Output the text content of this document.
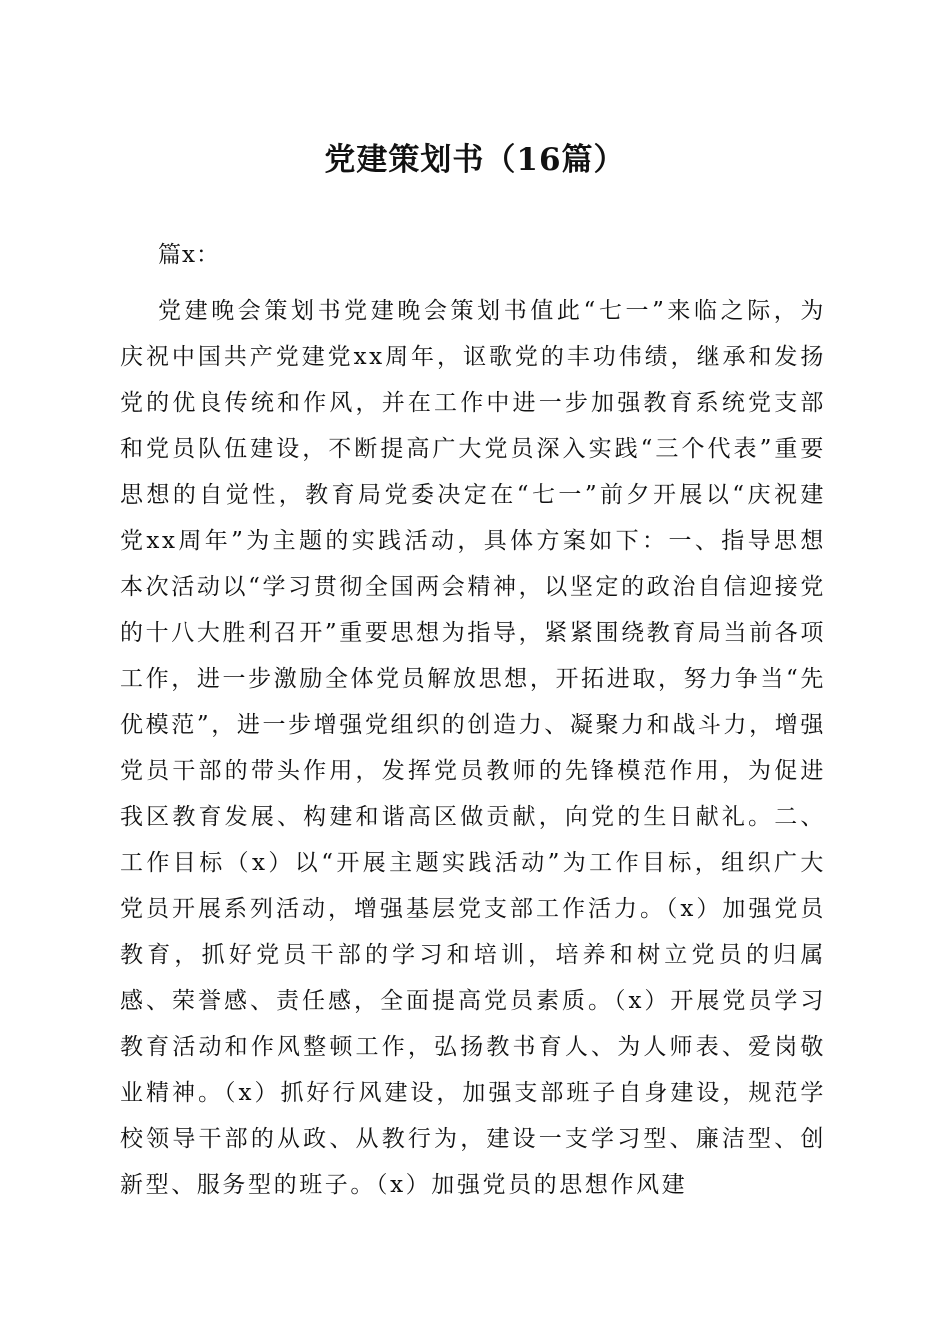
党建策划书（16篇）

篇x：

党建晚会策划书党建晚会策划书值此“七一”来临之际，为庆祝中国共产党建党xx周年，讴歌党的丰功伟绩，继承和发扬党的优良传统和作风，并在工作中进一步加强教育系统党支部和党员队伍建设，不断提高广大党员深入实践“三个代表”重要思想的自觉性，教育局党委决定在“七一”前夕开展以“庆祝建党xx周年”为主题的实践活动，具体方案如下：一、指导思想本次活动以“学习贯彻全国两会精神，以坚定的政治自信迎接党的十八大胜利召开”重要思想为指导，紧紧围绕教育局当前各项工作，进一步激励全体党员解放思想，开拓进取，努力争当“先优模范”，进一步增强党组织的创造力、凝聚力和战斗力，增强党员干部的带头作用，发挥党员教师的先锋模范作用，为促进我区教育发展、构建和谐高区做贡献，向党的生日献礼。二、工作目标（x）以“开展主题实践活动”为工作目标，组织广大党员开展系列活动，增强基层党支部工作活力。（x）加强党员教育，抓好党员干部的学习和培训，培养和树立党员的归属感、荣誉感、责任感，全面提高党员素质。（x）开展党员学习教育活动和作风整顿工作，弘扬教书育人、为人师表、爱岗敬业精神。（x）抓好行风建设，加强支部班子自身建设，规范学校领导干部的从政、从教行为，建设一支学习型、廉洁型、创新型、服务型的班子。（x）加强党员的思想作风建
